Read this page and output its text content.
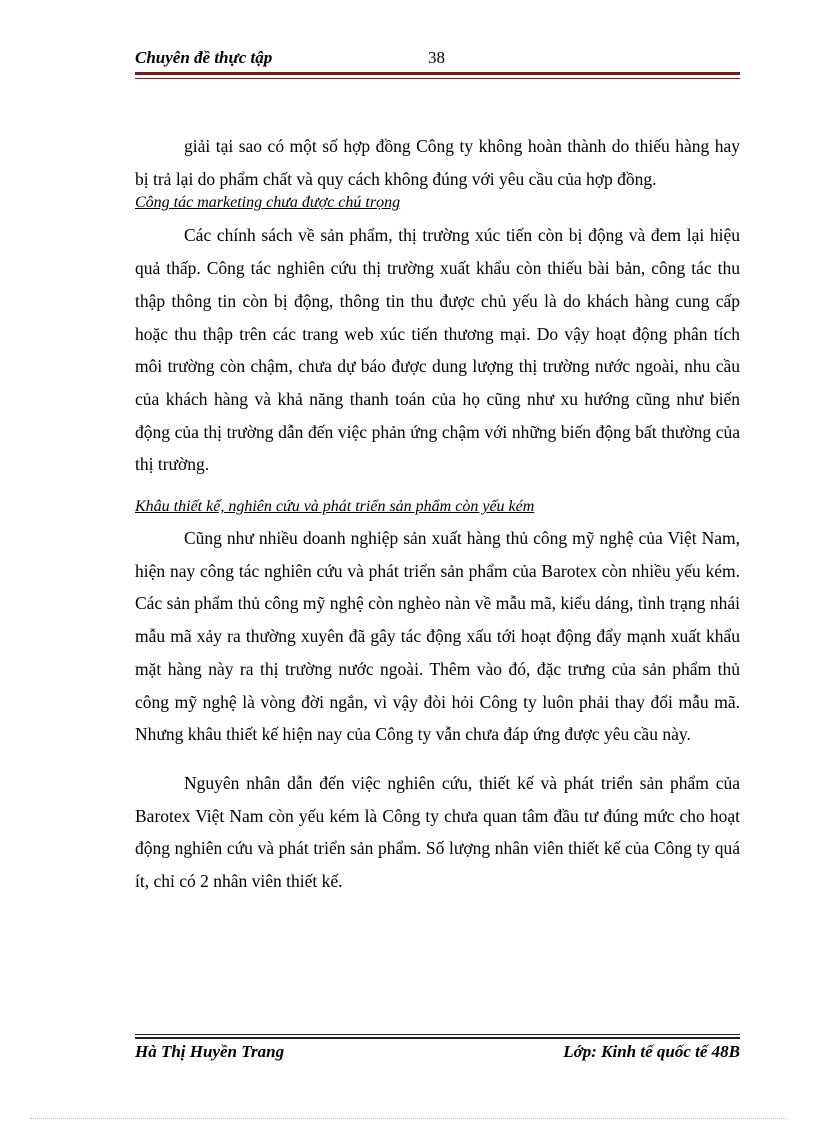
Chuyên đề thực tập	38

giải tại sao có một số hợp đồng Công ty không hoàn thành do thiếu hàng hay bị trả lại do phẩm chất và quy cách không đúng với yêu cầu của hợp đồng.

Công tác marketing chưa được chú trọng

Các chính sách về sản phẩm, thị trường xúc tiến còn bị động và đem lại hiệu quả thấp. Công tác nghiên cứu thị trường xuất khẩu còn thiếu bài bản, công tác thu thập thông tin còn bị động, thông tin thu được chủ yếu là do khách hàng cung cấp hoặc thu thập trên các trang web xúc tiến thương mại. Do vậy hoạt động phân tích môi trường còn chậm, chưa dự báo được dung lượng thị trường nước ngoài, nhu cầu của khách hàng và khả năng thanh toán của họ cũng như xu hướng cũng như biến động của thị trường dẫn đến việc phản ứng chậm với những biến động bất thường của thị trường.

Khâu thiết kế, nghiên cứu và phát triển sản phẩm còn yếu kém

Cũng như nhiều doanh nghiệp sản xuất hàng thủ công mỹ nghệ của Việt Nam, hiện nay công tác nghiên cứu và phát triển sản phẩm của Barotex còn nhiều yếu kém. Các sản phẩm thủ công mỹ nghệ còn nghèo nàn về mẫu mã, kiểu dáng, tình trạng nhái mẫu mã xảy ra thường xuyên đã gây tác động xấu tới hoạt động đẩy mạnh xuất khẩu mặt hàng này ra thị trường nước ngoài. Thêm vào đó, đặc trưng của sản phẩm thủ công mỹ nghệ là vòng đời ngắn, vì vậy đòi hỏi Công ty luôn phải thay đổi mẫu mã. Nhưng khâu thiết kế hiện nay của Công ty vẫn chưa đáp ứng được yêu cầu này.

Nguyên nhân dẫn đến việc nghiên cứu, thiết kế và phát triển sản phẩm của Barotex Việt Nam còn yếu kém là Công ty chưa quan tâm đầu tư đúng mức cho hoạt động nghiên cứu và phát triển sản phẩm. Số lượng nhân viên thiết kế của Công ty quá ít, chỉ có 2 nhân viên thiết kế.

Hà Thị Huyền Trang	Lớp: Kinh tế quốc tế 48B
